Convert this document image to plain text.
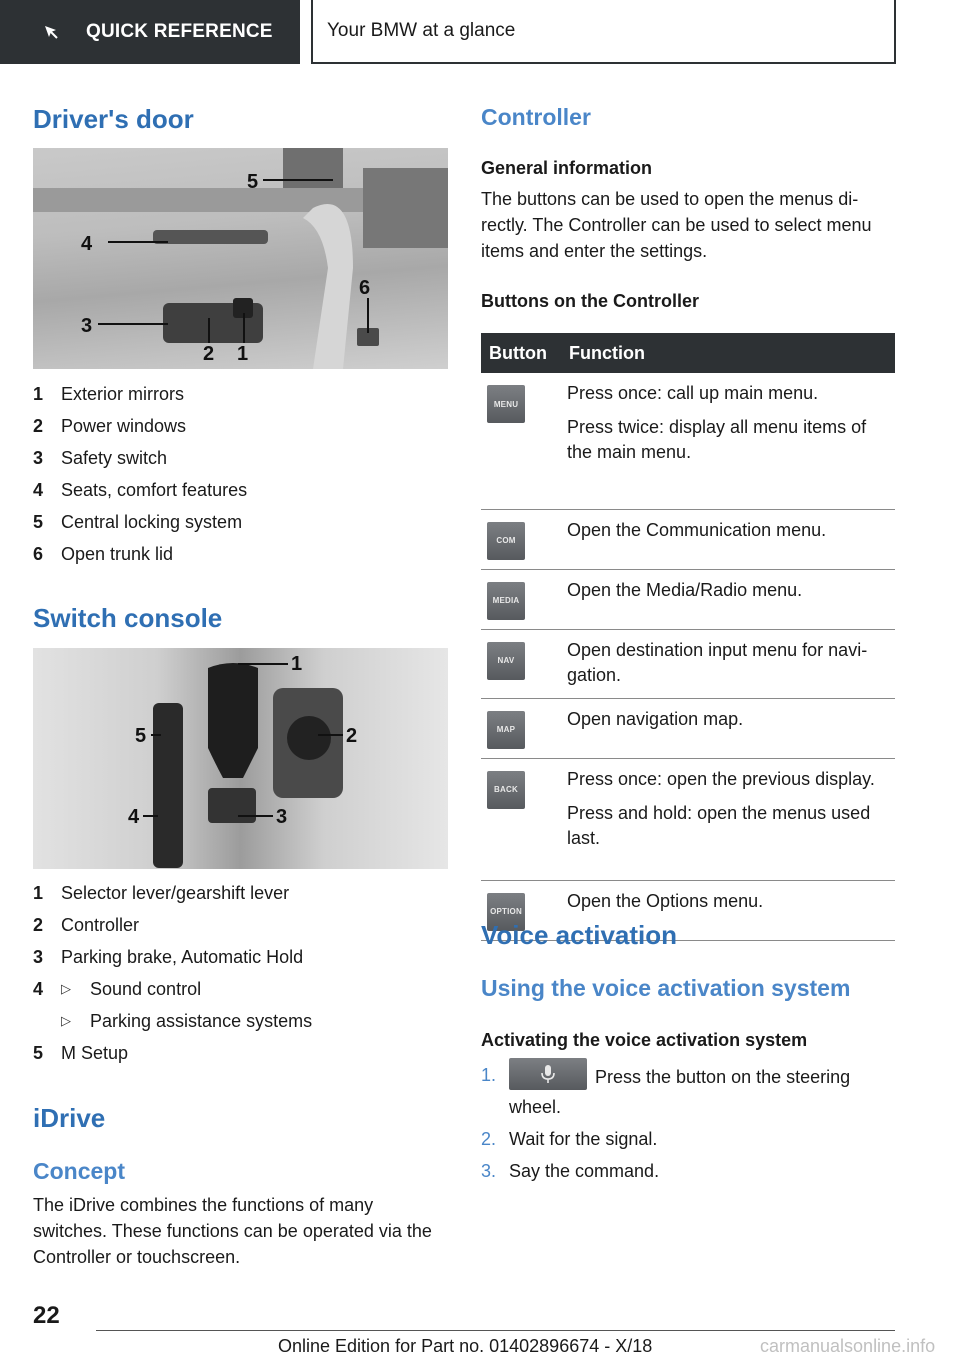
QUICK REFERENCE	Your BMW at a glance
Driver's door
5
4
3
2 1
6
1 Exterior mirrors
2 Power windows
3 Safety switch
4 Seats, comfort features
5 Central locking system
6 Open trunk lid
Switch console
1
2
3
4
5
1 Selector lever/gearshift lever
2 Controller
3 Parking brake, Automatic Hold
4	▷	Sound control
▷	Parking assistance systems
5 M Setup
iDrive
Concept

The iDrive combines the functions of many switches. These functions can be operated via the Controller or touchscreen.

Controller
General information

The buttons can be used to open the menus directly. The Controller can be used to select menu items and enter the settings.

Buttons on the Controller
Button	Function

MENU	Press once: call up main menu.

Press twice: display all menu items of the main menu.

COM	Open the Communication menu.

MEDIA	Open the Media/Radio menu.

NAV	Open destination input menu for navigation.

MAP	Open navigation map.

BACK	Press once: open the previous display.

Press and hold: open the menus used last.

OPTION	Open the Options menu.

Voice activation
Using the voice activation system
Activating the voice activation system
1.	Press the button on the steering wheel.
2. Wait for the signal.
3. Say the command.
22
Online Edition for Part no. 01402896674 - X/18	carmanualsonline.info
